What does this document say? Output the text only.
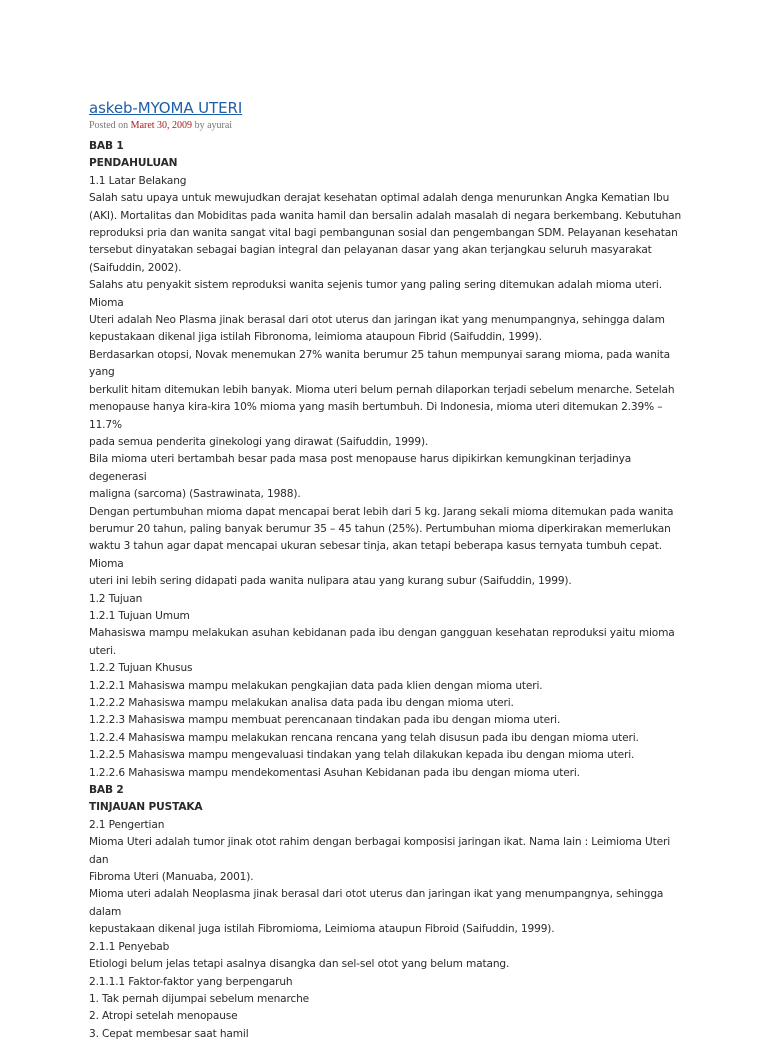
askeb-MYOMA UTERI
Posted on Maret 30, 2009 by ayurai

BAB 1

PENDAHULUAN

1.1 Latar Belakang

Salah satu upaya untuk mewujudkan derajat kesehatan optimal adalah denga menurunkan Angka Kematian Ibu

(AKI). Mortalitas dan Mobiditas pada wanita hamil dan bersalin adalah masalah di negara berkembang. Kebutuhan

reproduksi pria dan wanita sangat vital bagi pembangunan sosial dan pengembangan SDM. Pelayanan kesehatan

tersebut dinyatakan sebagai bagian integral dan pelayanan dasar yang akan terjangkau seluruh masyarakat

(Saifuddin, 2002).

Salahs atu penyakit sistem reproduksi wanita sejenis tumor yang paling sering ditemukan adalah mioma uteri. Mioma

Uteri adalah Neo Plasma jinak berasal dari otot uterus dan jaringan ikat yang menumpangnya, sehingga dalam

kepustakaan dikenal jiga istilah Fibronoma, leimioma ataupoun Fibrid (Saifuddin, 1999).

Berdasarkan otopsi, Novak menemukan 27% wanita berumur 25 tahun mempunyai sarang mioma, pada wanita yang

berkulit hitam ditemukan lebih banyak. Mioma uteri belum pernah dilaporkan terjadi sebelum menarche. Setelah

menopause hanya kira-kira 10% mioma yang masih bertumbuh. Di Indonesia, mioma uteri ditemukan 2.39% – 11.7%

pada semua penderita ginekologi yang dirawat (Saifuddin, 1999).

Bila mioma uteri bertambah besar pada masa post menopause harus dipikirkan kemungkinan terjadinya degenerasi

maligna (sarcoma) (Sastrawinata, 1988).

Dengan pertumbuhan mioma dapat mencapai berat lebih dari 5 kg. Jarang sekali mioma ditemukan pada wanita

berumur 20 tahun, paling banyak berumur 35 – 45 tahun (25%). Pertumbuhan mioma diperkirakan memerlukan

waktu 3 tahun agar dapat mencapai ukuran sebesar tinja, akan tetapi beberapa kasus ternyata tumbuh cepat. Mioma

uteri ini lebih sering didapati pada wanita nulipara atau yang kurang subur (Saifuddin, 1999).

1.2 Tujuan

1.2.1 Tujuan Umum

Mahasiswa mampu melakukan asuhan kebidanan pada ibu dengan gangguan kesehatan reproduksi yaitu mioma

uteri.

1.2.2 Tujuan Khusus

1.2.2.1 Mahasiswa mampu melakukan pengkajian data pada klien dengan mioma uteri.

1.2.2.2 Mahasiswa mampu melakukan analisa data pada ibu dengan mioma uteri.

1.2.2.3 Mahasiswa mampu membuat perencanaan tindakan pada ibu dengan mioma uteri.

1.2.2.4 Mahasiswa mampu melakukan rencana rencana yang telah disusun pada ibu dengan mioma uteri.

1.2.2.5 Mahasiswa mampu mengevaluasi tindakan yang telah dilakukan kepada ibu dengan mioma uteri.

1.2.2.6 Mahasiswa mampu mendekomentasi Asuhan Kebidanan pada ibu dengan mioma uteri.

BAB 2

TINJAUAN PUSTAKA

2.1 Pengertian

Mioma Uteri adalah tumor jinak otot rahim dengan berbagai komposisi jaringan ikat. Nama lain : Leimioma Uteri dan

Fibroma Uteri (Manuaba, 2001).

Mioma uteri adalah Neoplasma jinak berasal dari otot uterus dan jaringan ikat yang menumpangnya, sehingga dalam

kepustakaan dikenal juga istilah Fibromioma, Leimioma ataupun Fibroid (Saifuddin, 1999).

2.1.1 Penyebab

Etiologi belum jelas tetapi asalnya disangka dan sel-sel otot yang belum matang.

2.1.1.1 Faktor-faktor yang berpengaruh

1. Tak pernah dijumpai sebelum menarche

2. Atropi setelah menopause

3. Cepat membesar saat hamil
